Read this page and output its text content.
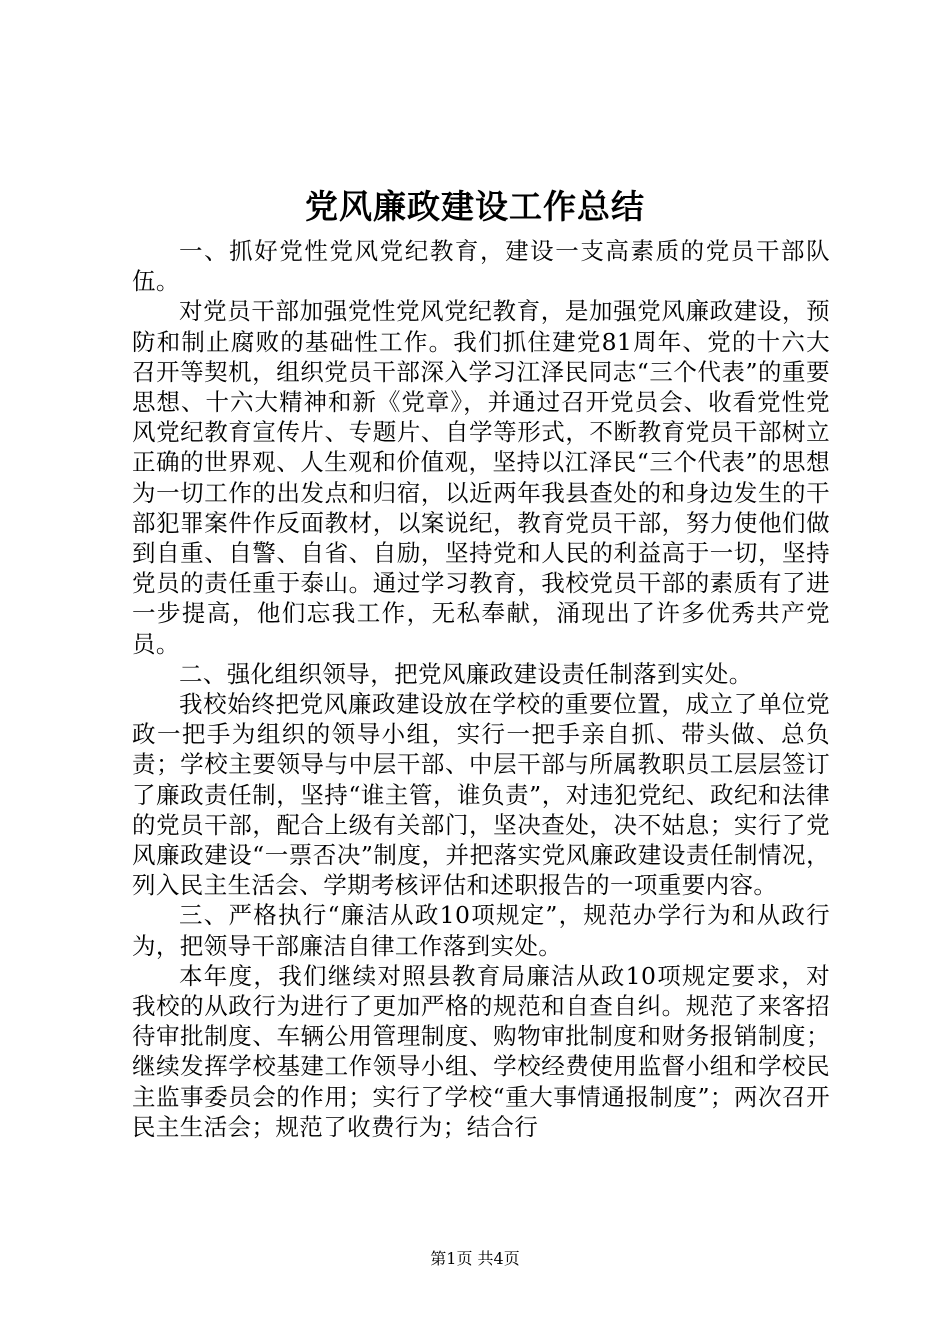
党风廉政建设工作总结

一、抓好党性党风党纪教育，建设一支高素质的党员干部队伍。

对党员干部加强党性党风党纪教育，是加强党风廉政建设，预防和制止腐败的基础性工作。我们抓住建党81周年、党的十六大召开等契机，组织党员干部深入学习江泽民同志“三个代表”的重要思想、十六大精神和新《党章》，并通过召开党员会、收看党性党风党纪教育宣传片、专题片、自学等形式，不断教育党员干部树立正确的世界观、人生观和价值观，坚持以江泽民“三个代表”的思想为一切工作的出发点和归宿，以近两年我县查处的和身边发生的干部犯罪案件作反面教材，以案说纪，教育党员干部，努力使他们做到自重、自警、自省、自励，坚持党和人民的利益高于一切，坚持党员的责任重于泰山。通过学习教育，我校党员干部的素质有了进一步提高，他们忘我工作，无私奉献，涌现出了许多优秀共产党员。

二、强化组织领导，把党风廉政建设责任制落到实处。

我校始终把党风廉政建设放在学校的重要位置，成立了单位党政一把手为组织的领导小组，实行一把手亲自抓、带头做、总负责；学校主要领导与中层干部、中层干部与所属教职员工层层签订了廉政责任制，坚持“谁主管，谁负责”，对违犯党纪、政纪和法律的党员干部，配合上级有关部门，坚决查处，决不姑息；实行了党风廉政建设“一票否决”制度，并把落实党风廉政建设责任制情况，列入民主生活会、学期考核评估和述职报告的一项重要内容。

三、严格执行“廉洁从政10项规定”，规范办学行为和从政行为，把领导干部廉洁自律工作落到实处。

本年度，我们继续对照县教育局廉洁从政10项规定要求，对我校的从政行为进行了更加严格的规范和自查自纠。规范了来客招待审批制度、车辆公用管理制度、购物审批制度和财务报销制度；继续发挥学校基建工作领导小组、学校经费使用监督小组和学校民主监事委员会的作用；实行了学校“重大事情通报制度”；两次召开民主生活会；规范了收费行为；结合行

第1页 共4页
